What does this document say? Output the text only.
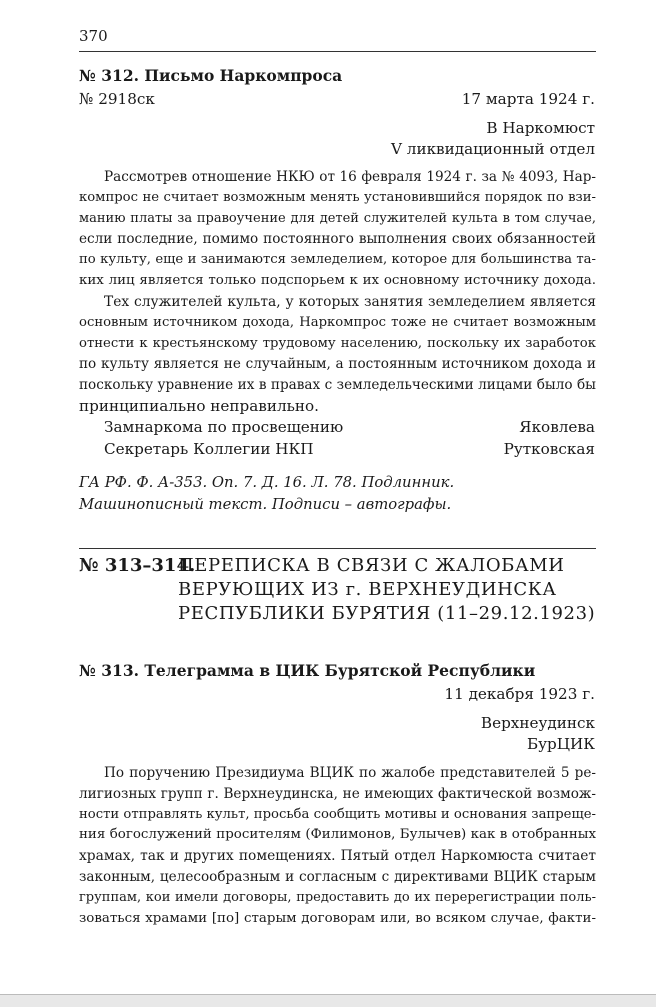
370
№ 312. Письмо Наркомпроса
№ 2918ск	17 марта 1924 г.
В Наркомюст
V ликвидационный отдел
Рассмотрев отношение НКЮ от 16 февраля 1924 г. за № 4093, Нар-
компрос не считает возможным менять установившийся порядок по взи-
манию платы за правоучение для детей служителей культа в том случае,
если последние, помимо постоянного выполнения своих обязанностей
по культу, еще и занимаются земледелием, которое для большинства та-
ких лиц является только подспорьем к их основному источнику дохода.
Тех служителей культа, у которых занятия земледелием является
основным источником дохода, Наркомпрос тоже не считает возможным
отнести к крестьянскому трудовому населению, поскольку их заработок
по культу является не случайным, а постоянным источником дохода и
поскольку уравнение их в правах с земледельческими лицами было бы
принципиально неправильно.
Замнаркома по просвещению	Яковлева
Секретарь Коллегии НКП	Рутковская
ГА РФ. Ф. А-353. Оп. 7. Д. 16. Л. 78. Подлинник.
Машинописный текст. Подписи – автографы.
№ 313–314.
ПЕРЕПИСКА В СВЯЗИ С ЖАЛОБАМИ
ВЕРУЮЩИХ ИЗ г. ВЕРХНЕУДИНСКА
РЕСПУБЛИКИ БУРЯТИЯ (11–29.12.1923)
№ 313. Телеграмма в ЦИК Бурятской Республики
11 декабря 1923 г.
Верхнеудинск
БурЦИК
По поручению Президиума ВЦИК по жалобе представителей 5 ре-
лигиозных групп г. Верхнеудинска, не имеющих фактической возмож-
ности отправлять культ, просьба сообщить мотивы и основания запреще-
ния богослужений просителям (Филимонов, Булычев) как в отобранных
храмах, так и других помещениях. Пятый отдел Наркомюста считает
законным, целесообразным и согласным с директивами ВЦИК старым
группам, кои имели договоры, предоставить до их перерегистрации поль-
зоваться храмами [по] старым договорам или, во всяком случае, факти-
